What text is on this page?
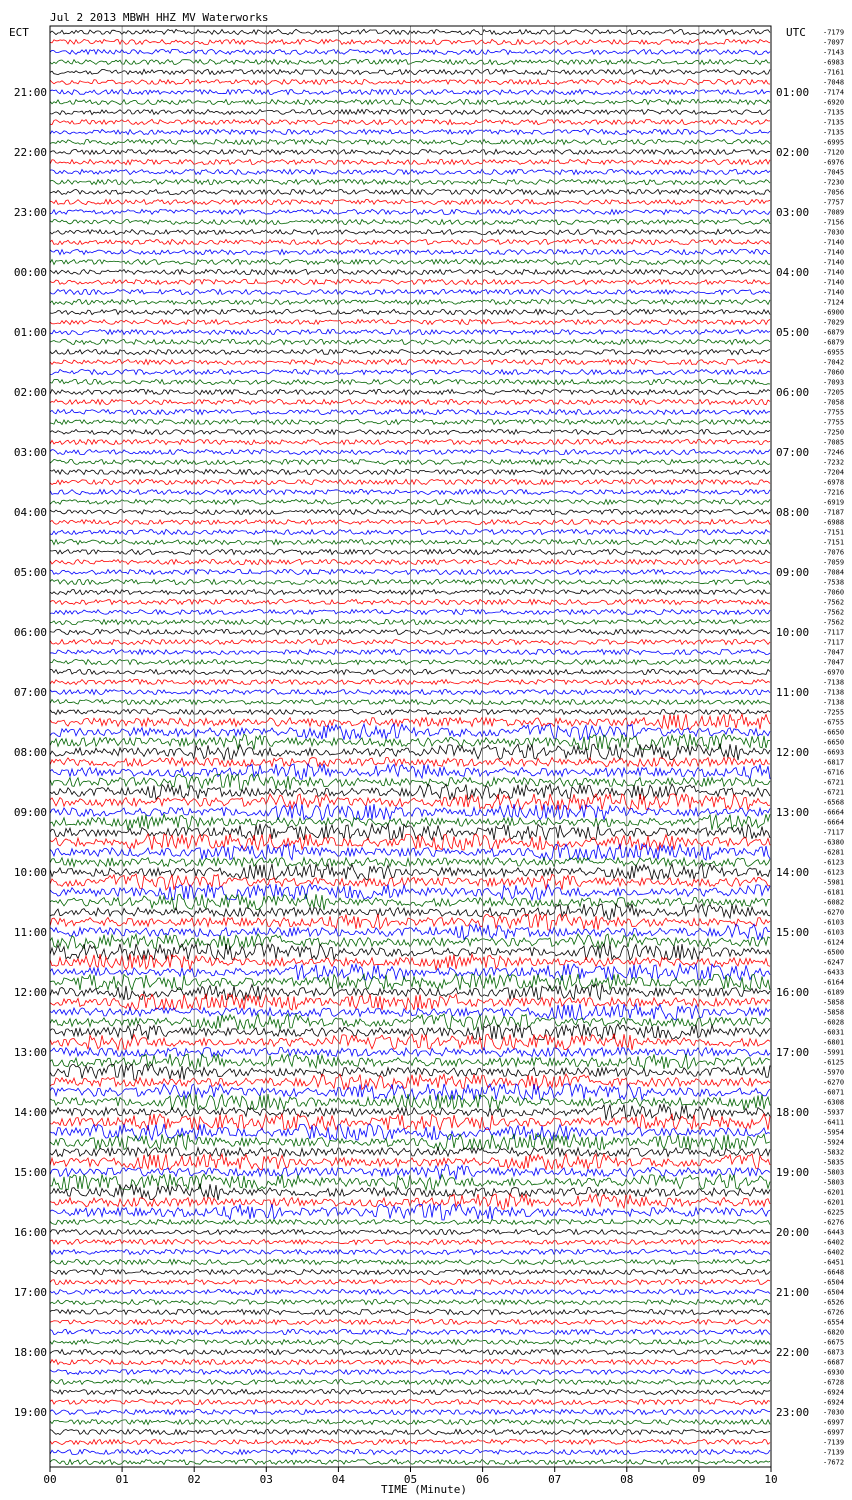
Jul 2 2013 MBWH HHZ MV Waterworks
ECT	UTC
21:00
22:00
23:00
00:00
01:00
02:00
03:00
04:00
05:00
06:00
07:00
08:00
09:00
10:00
11:00
12:00
13:00
14:00
15:00
16:00
17:00
18:00
19:00
01:00
02:00
03:00
04:00
05:00
06:00
07:00
08:00
09:00
10:00
11:00
12:00
13:00
14:00
15:00
16:00
17:00
18:00
19:00
20:00
21:00
22:00
23:00
-7179
-7097
-7143
-6983
-7161
-7048
-7174
-6920
-7135
-7135
-7135
-6995
-7120
-6976
-7045
-7230
-7056
-7757
-7089
-7156
-7030
-7140
-7140
-7140
-7140
-7140
-7140
-7124
-6900
-7029
-6879
-6879
-6955
-7042
-7060
-7093
-7205
-7058
-7755
-7755
-7250
-7085
-7246
-7232
-7204
-6978
-7216
-6919
-7187
-6988
-7151
-7151
-7076
-7059
-7084
-7538
-7060
-7562
-7562
-7562
-7117
-7117
-7047
-7047
-6970
-7138
-7138
-7138
-7255
-6755
-6650
-6650
-6693
-6817
-6716
-6721
-6721
-6568
-6664
-6664
-7117
-6380
-6281
-6123
-6123
-5981
-6181
-6082
-6270
-6103
-6103
-6124
-6500
-6247
-6433
-6164
-6189
-5858
-5858
-6028
-6031
-6801
-5991
-6125
-5970
-6270
-6071
-6308
-5937
-6411
-5954
-5924
-5832
-5835
-5803
-5803
-6201
-6201
-6225
-6276
-6443
-6402
-6402
-6451
-6648
-6504
-6504
-6526
-6726
-6554
-6820
-6675
-6873
-6687
-6930
-6728
-6924
-6924
-7030
-6997
-6997
-7139
-7139
-7672
00	01	02	03	04	05	06	07	08	09	10
TIME (Minute)
